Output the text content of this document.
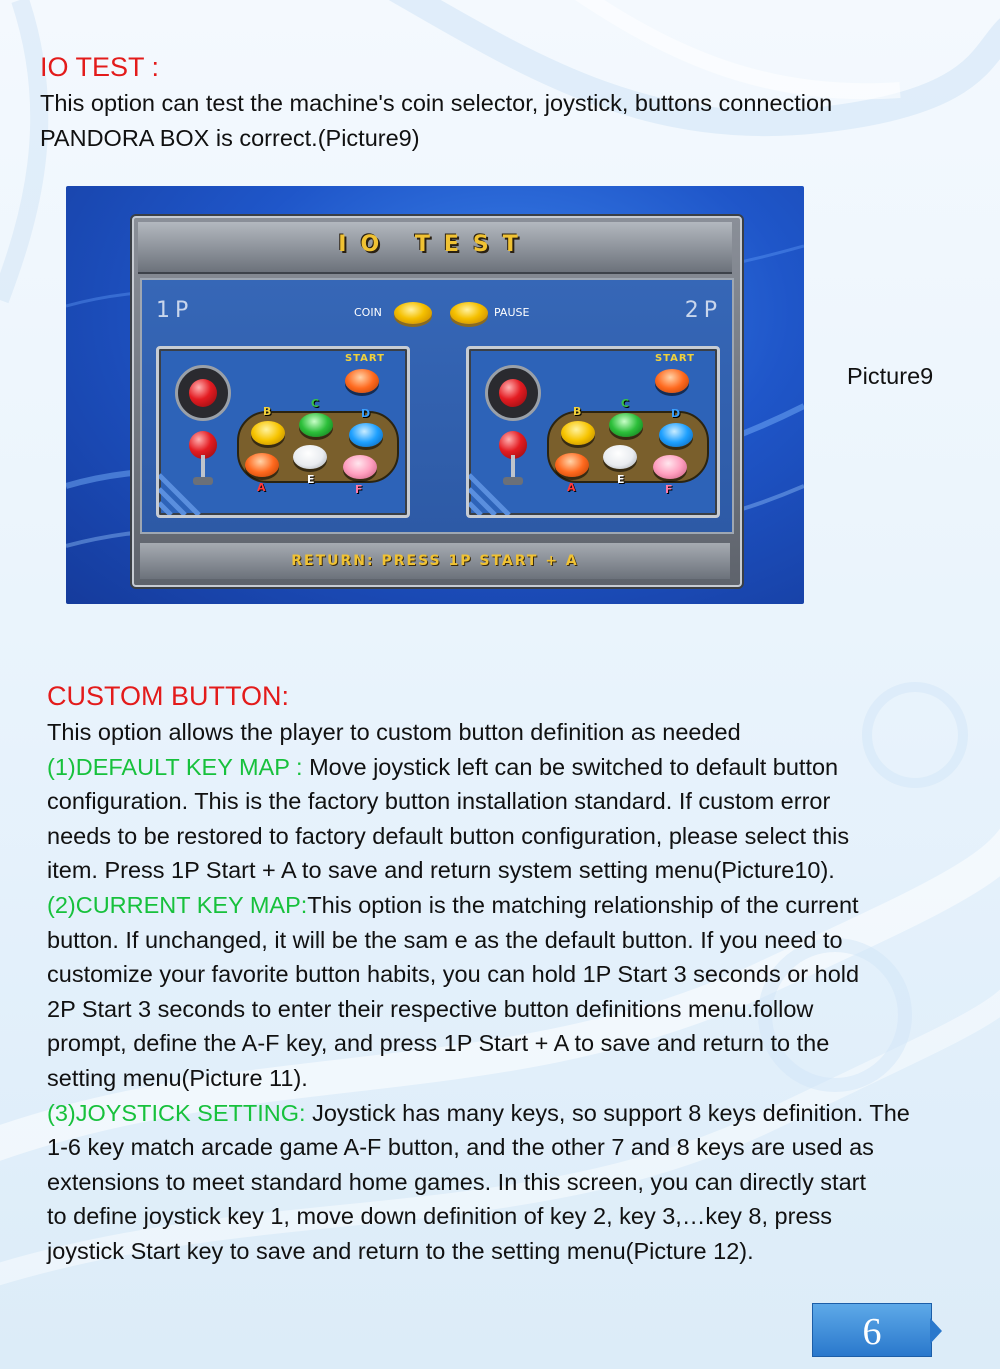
IO TEST :
This option can test the machine's coin selector, joystick, buttons connection
PANDORA BOX is correct.(Picture9)
IO TEST
1P	2P
COIN	PAUSE
START
B
C
D
A
E
F
START
B
C
D
A
E
F
RETURN: PRESS 1P START + A
Picture9
CUSTOM BUTTON:
This option allows the player to custom button definition as needed
(1)DEFAULT KEY MAP : Move joystick left can be switched to default button
configuration. This is the factory button installation standard. If custom error
needs to be restored to factory default button configuration, please select this
item. Press 1P Start + A to save and return system setting menu(Picture10).
(2)CURRENT KEY MAP:This option is the matching relationship of the current
button. If unchanged, it will be the sam e as the default button. If you need to
customize your favorite button habits, you can hold 1P Start 3 seconds or hold
2P Start 3 seconds to enter their respective button definitions menu.follow
prompt, define the A-F key, and press 1P Start + A to save and return to the
setting menu(Picture 11).
(3)JOYSTICK SETTING: Joystick has many keys, so support 8 keys definition. The
1-6 key match arcade game A-F button, and the other 7 and 8 keys are used as
extensions to meet standard home games. In this screen, you can directly start
to define joystick key 1, move down definition of key 2, key 3,…key 8, press
joystick Start key to save and return to the setting menu(Picture 12).
6
